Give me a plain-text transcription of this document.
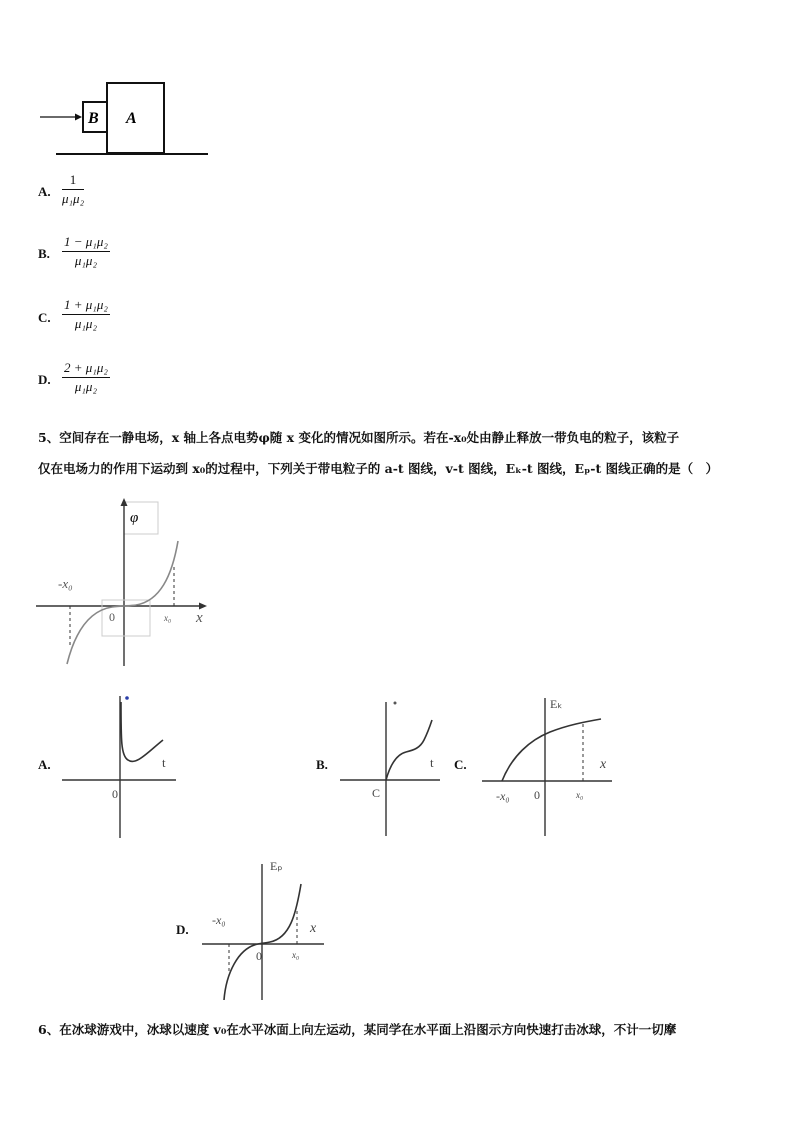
B A
A. $\frac{1}{\text{μ₁μ₂}}$
B. $\frac{\text{1 − μ₁μ₂}}{\text{μ₁μ₂}}$
C. $\frac{\text{1 + μ₁μ₂}}{\text{μ₁μ₂}}$
D. $\frac{\text{2 + μ₁μ₂}}{\text{μ₁μ₂}}$
5、空间存在一静电场，x 轴上各点电势φ随 x 变化的情况如图所示。若在-x₀处由静止释放一带负电的粒子，该粒子
仅在电场力的作用下运动到 x₀的过程中，下列关于带电粒子的 a-t 图线，v-t 图线，Eₖ-t 图线，Eₚ-t 图线正确的是（　）
φ
x
0
-x₀
x₀
A.	t
0
B.	t
C
C.
Eₖ
x
0
-x₀	x₀
D.
Eₚ
x
0
-x₀
x₀
6、在冰球游戏中，冰球以速度 v₀在水平冰面上向左运动，某同学在水平面上沿图示方向快速打击冰球，不计一切摩
